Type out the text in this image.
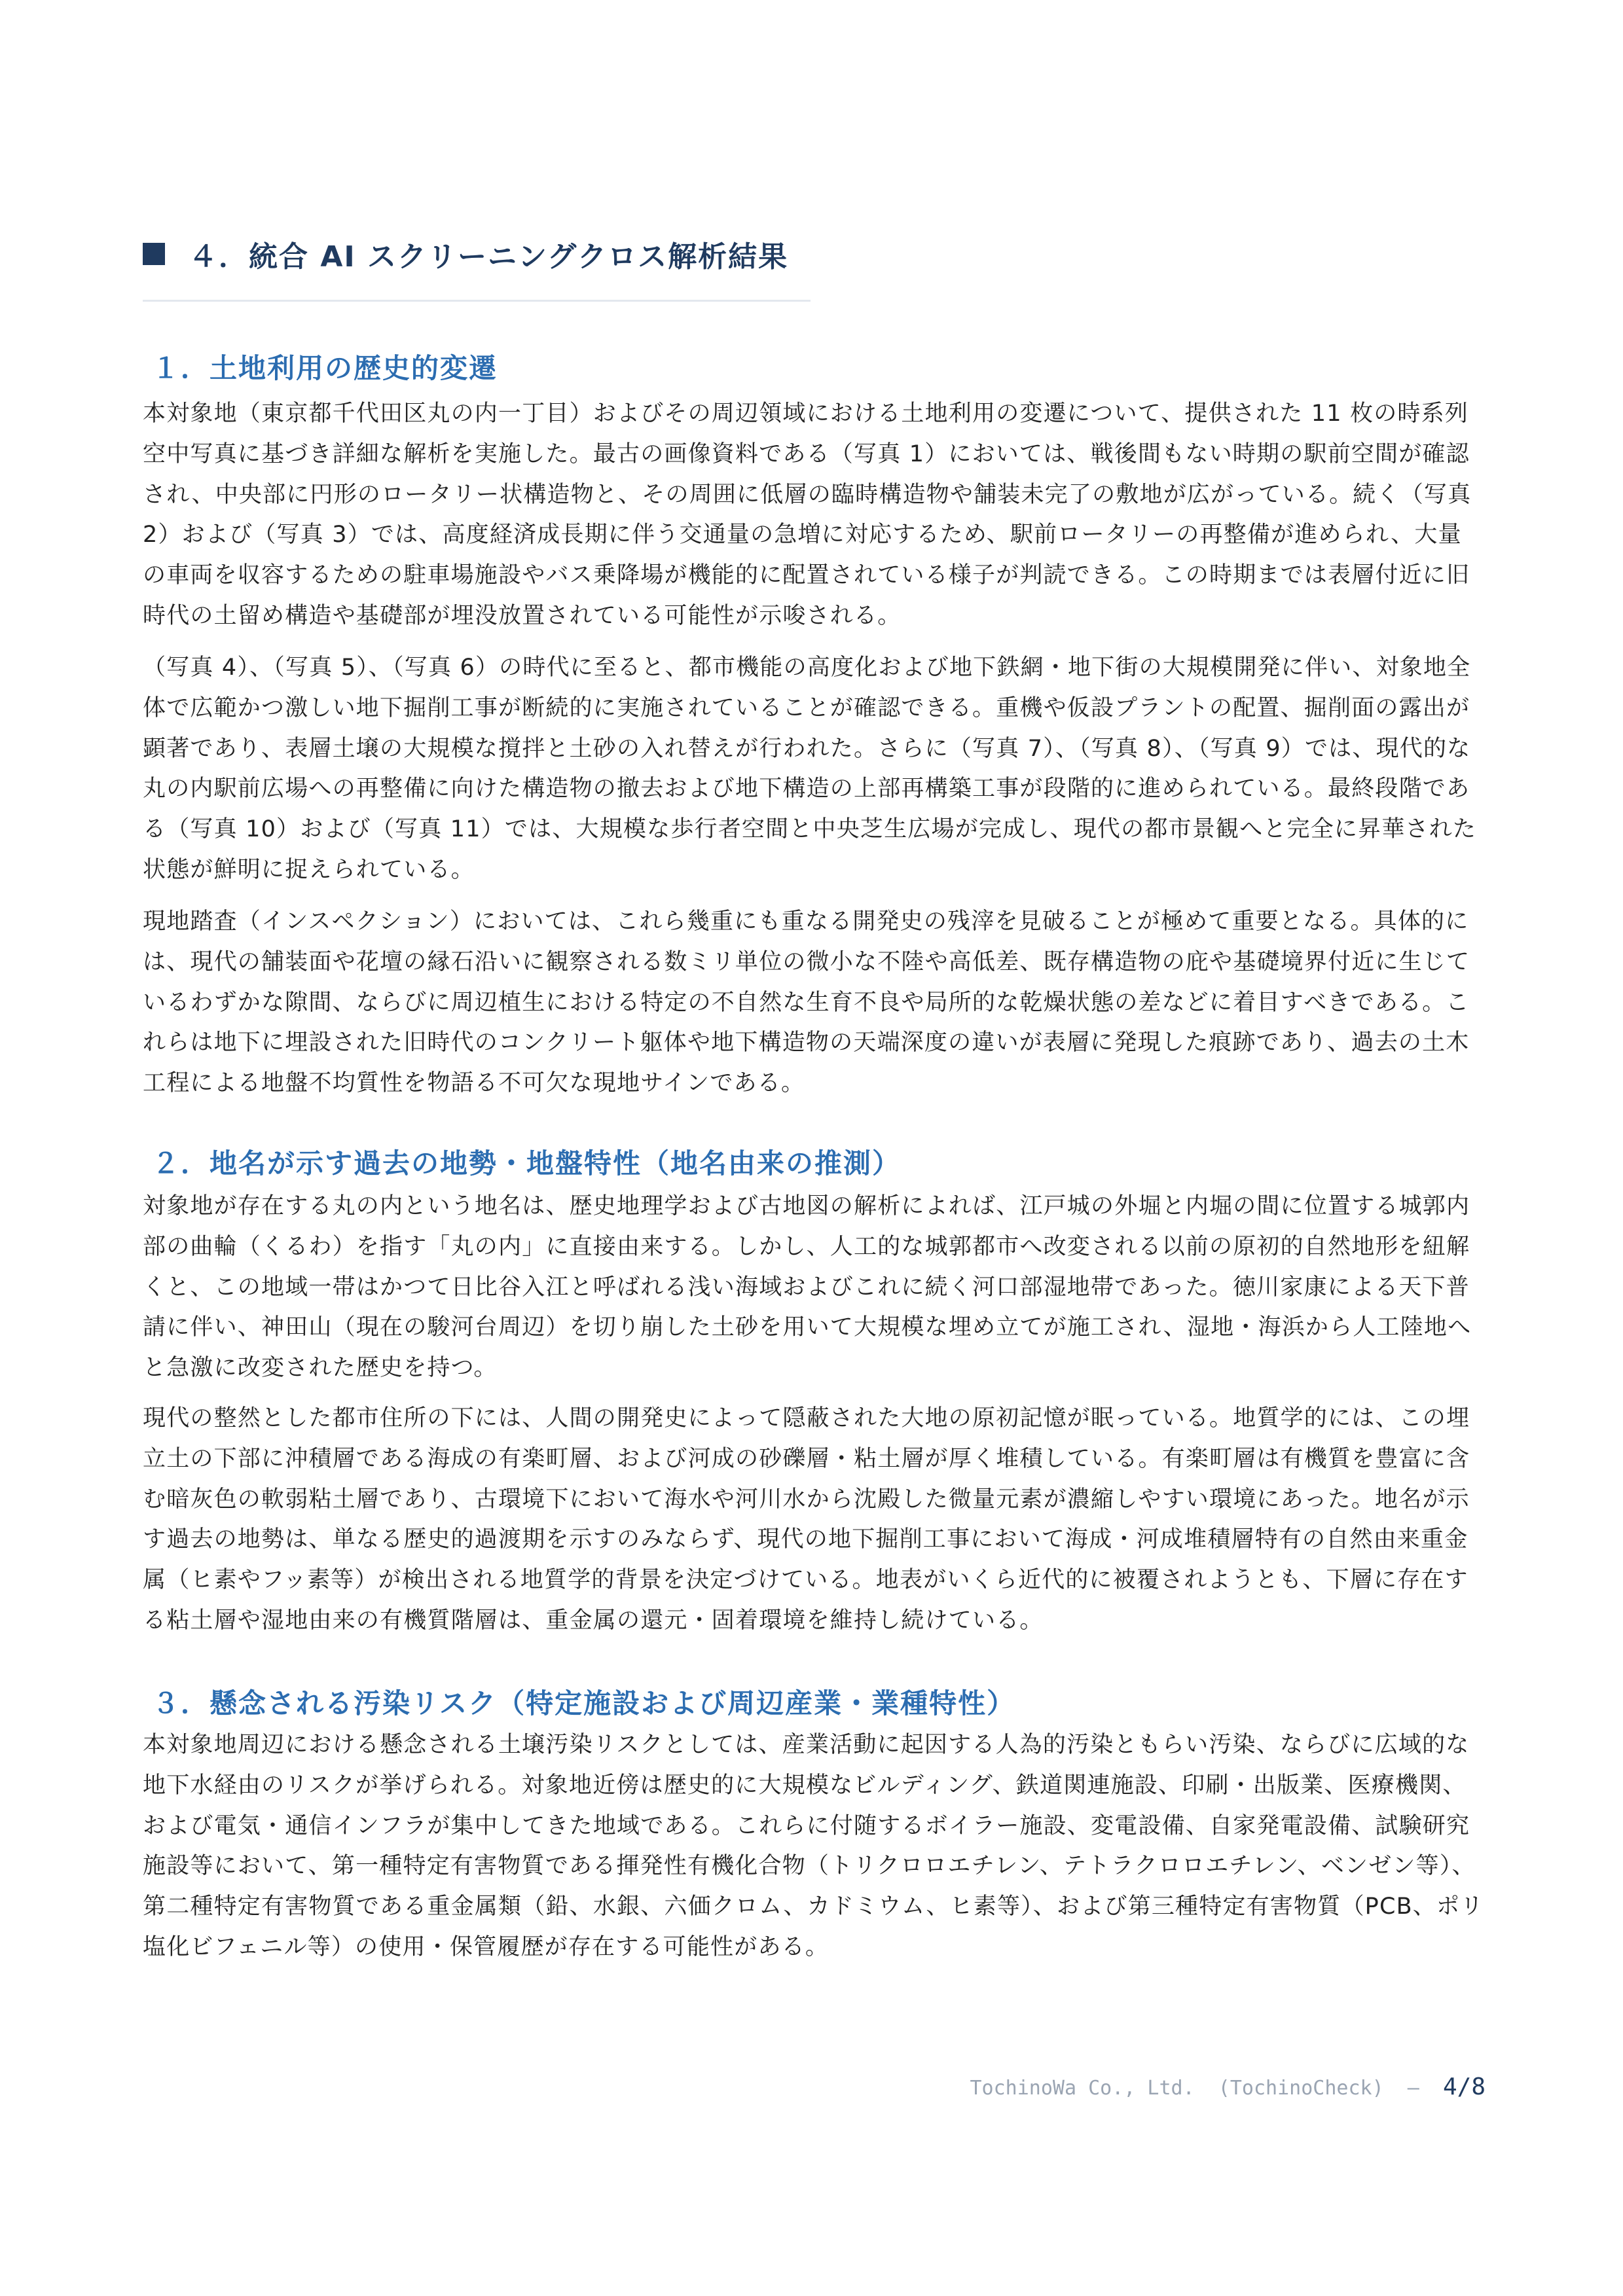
４．統合 AI スクリーニングクロス解析結果
１．土地利用の歴史的変遷

本対象地（東京都千代田区丸の内一丁目）およびその周辺領域における土地利用の変遷について、提供された 11 枚の時系列空中写真に基づき詳細な解析を実施した。最古の画像資料である（写真 1）においては、戦後間もない時期の駅前空間が確認され、中央部に円形のロータリー状構造物と、その周囲に低層の臨時構造物や舗装未完了の敷地が広がっている。続く（写真 2）および（写真 3）では、高度経済成長期に伴う交通量の急増に対応するため、駅前ロータリーの再整備が進められ、大量の車両を収容するための駐車場施設やバス乗降場が機能的に配置されている様子が判読できる。この時期までは表層付近に旧時代の土留め構造や基礎部が埋没放置されている可能性が示唆される。

（写真 4）、（写真 5）、（写真 6）の時代に至ると、都市機能の高度化および地下鉄網・地下街の大規模開発に伴い、対象地全体で広範かつ激しい地下掘削工事が断続的に実施されていることが確認できる。重機や仮設プラントの配置、掘削面の露出が顕著であり、表層土壌の大規模な撹拌と土砂の入れ替えが行われた。さらに（写真 7）、（写真 8）、（写真 9）では、現代的な丸の内駅前広場への再整備に向けた構造物の撤去および地下構造の上部再構築工事が段階的に進められている。最終段階である（写真 10）および（写真 11）では、大規模な歩行者空間と中央芝生広場が完成し、現代の都市景観へと完全に昇華された状態が鮮明に捉えられている。

現地踏査（インスペクション）においては、これら幾重にも重なる開発史の残滓を見破ることが極めて重要となる。具体的には、現代の舗装面や花壇の縁石沿いに観察される数ミリ単位の微小な不陸や高低差、既存構造物の庇や基礎境界付近に生じているわずかな隙間、ならびに周辺植生における特定の不自然な生育不良や局所的な乾燥状態の差などに着目すべきである。これらは地下に埋設された旧時代のコンクリート躯体や地下構造物の天端深度の違いが表層に発現した痕跡であり、過去の土木工程による地盤不均質性を物語る不可欠な現地サインである。

２．地名が示す過去の地勢・地盤特性（地名由来の推測）

対象地が存在する丸の内という地名は、歴史地理学および古地図の解析によれば、江戸城の外堀と内堀の間に位置する城郭内部の曲輪（くるわ）を指す「丸の内」に直接由来する。しかし、人工的な城郭都市へ改変される以前の原初的自然地形を紐解くと、この地域一帯はかつて日比谷入江と呼ばれる浅い海域およびこれに続く河口部湿地帯であった。徳川家康による天下普請に伴い、神田山（現在の駿河台周辺）を切り崩した土砂を用いて大規模な埋め立てが施工され、湿地・海浜から人工陸地へと急激に改変された歴史を持つ。

現代の整然とした都市住所の下には、人間の開発史によって隠蔽された大地の原初記憶が眠っている。地質学的には、この埋立土の下部に沖積層である海成の有楽町層、および河成の砂礫層・粘土層が厚く堆積している。有楽町層は有機質を豊富に含む暗灰色の軟弱粘土層であり、古環境下において海水や河川水から沈殿した微量元素が濃縮しやすい環境にあった。地名が示す過去の地勢は、単なる歴史的過渡期を示すのみならず、現代の地下掘削工事において海成・河成堆積層特有の自然由来重金属（ヒ素やフッ素等）が検出される地質学的背景を決定づけている。地表がいくら近代的に被覆されようとも、下層に存在する粘土層や湿地由来の有機質階層は、重金属の還元・固着環境を維持し続けている。

３．懸念される汚染リスク（特定施設および周辺産業・業種特性）

本対象地周辺における懸念される土壌汚染リスクとしては、産業活動に起因する人為的汚染ともらい汚染、ならびに広域的な地下水経由のリスクが挙げられる。対象地近傍は歴史的に大規模なビルディング、鉄道関連施設、印刷・出版業、医療機関、および電気・通信インフラが集中してきた地域である。これらに付随するボイラー施設、変電設備、自家発電設備、試験研究施設等において、第一種特定有害物質である揮発性有機化合物（トリクロロエチレン、テトラクロロエチレン、ベンゼン等）、第二種特定有害物質である重金属類（鉛、水銀、六価クロム、カドミウム、ヒ素等）、および第三種特定有害物質（PCB、ポリ塩化ビフェニル等）の使用・保管履歴が存在する可能性がある。

TochinoWa Co., Ltd. (TochinoCheck) – 4/8
